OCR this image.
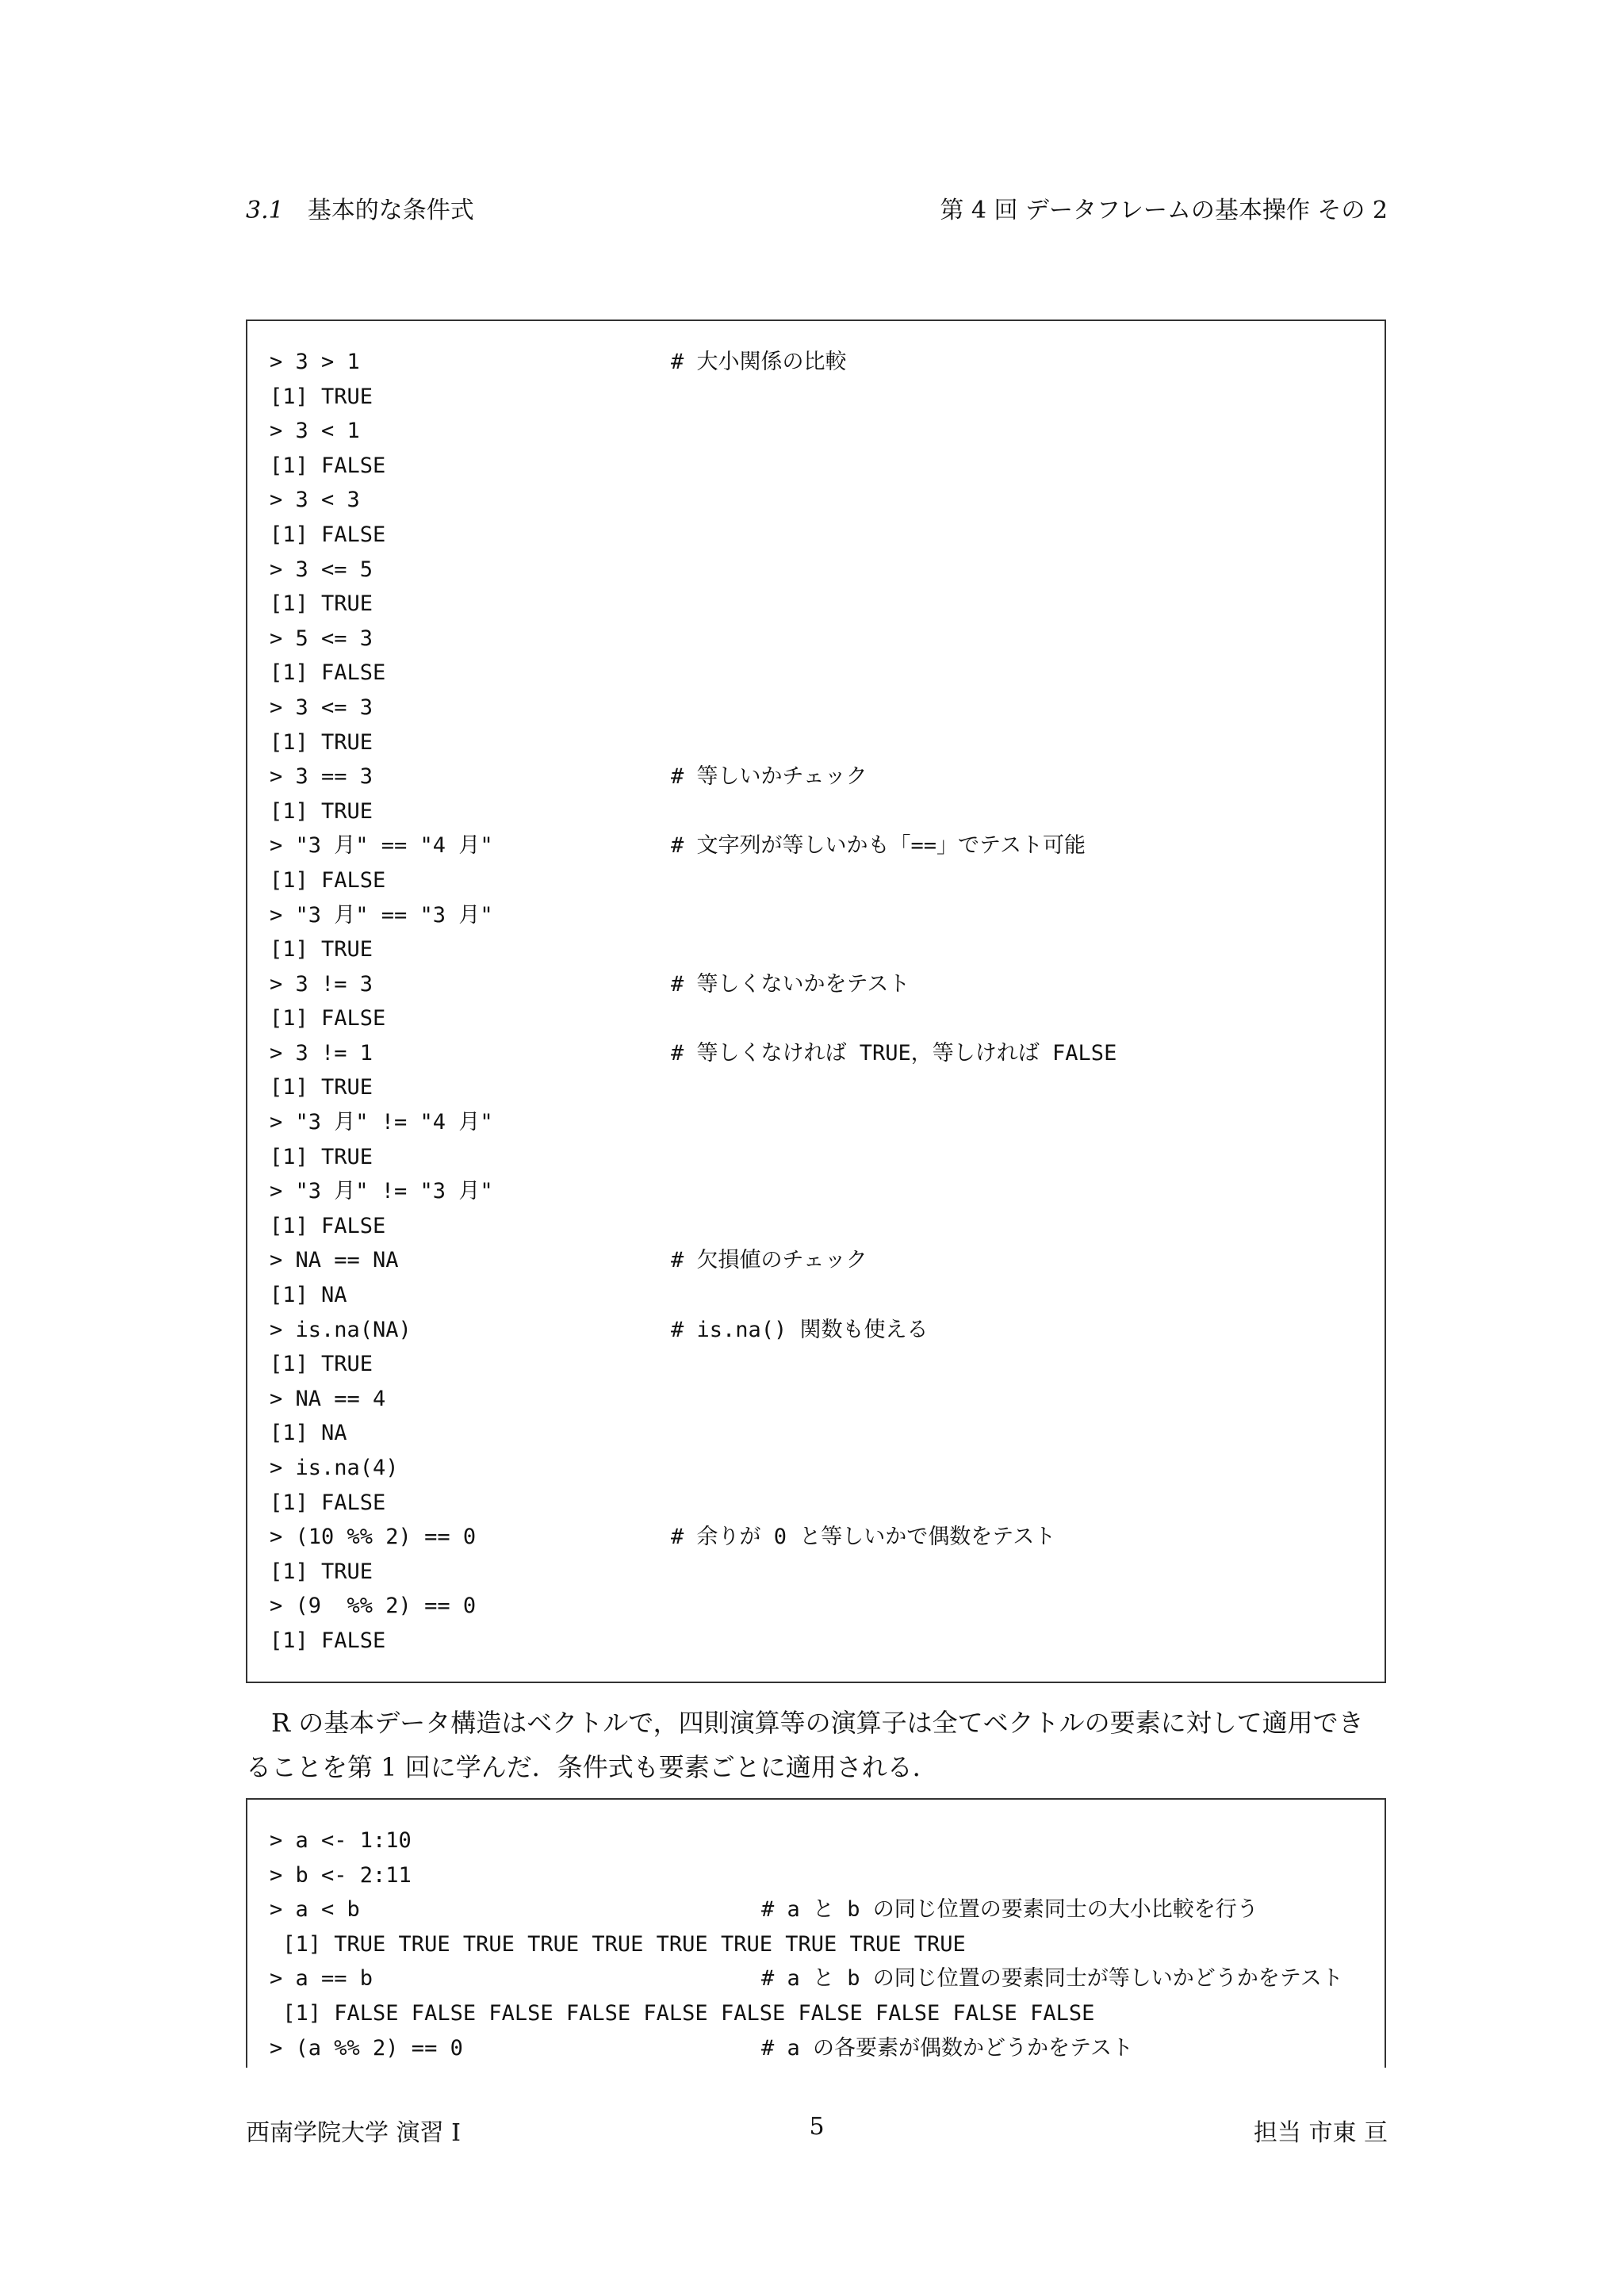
3.1 基本的な条件式	第 4 回 データフレームの基本操作 その 2
> 3 > 1	# 大小関係の比較
[1] TRUE
> 3 < 1
[1] FALSE
> 3 < 3
[1] FALSE
> 3 <= 5
[1] TRUE
> 5 <= 3
[1] FALSE
> 3 <= 3
[1] TRUE
> 3 == 3	# 等しいかチェック
[1] TRUE
> "3 月" == "4 月"	# 文字列が等しいかも「==」でテスト可能
[1] FALSE
> "3 月" == "3 月"
[1] TRUE
> 3 != 3	# 等しくないかをテスト
[1] FALSE
> 3 != 1	# 等しくなければ TRUE，等しければ FALSE
[1] TRUE
> "3 月" != "4 月"
[1] TRUE
> "3 月" != "3 月"
[1] FALSE
> NA == NA	# 欠損値のチェック
[1] NA
> is.na(NA)	# is.na() 関数も使える
[1] TRUE
> NA == 4
[1] NA
> is.na(4)
[1] FALSE
> (10 %% 2) == 0	# 余りが 0 と等しいかで偶数をテスト
[1] TRUE
> (9  %% 2) == 0
[1] FALSE
R の基本データ構造はベクトルで，四則演算等の演算子は全てベクトルの要素に対して適用でき
ることを第 1 回に学んだ．条件式も要素ごとに適用される．
> a <- 1:10
> b <- 2:11
> a < b	# a と b の同じ位置の要素同士の大小比較を行う
[1] TRUE TRUE TRUE TRUE TRUE TRUE TRUE TRUE TRUE TRUE
> a == b	# a と b の同じ位置の要素同士が等しいかどうかをテスト
[1] FALSE FALSE FALSE FALSE FALSE FALSE FALSE FALSE FALSE FALSE
> (a %% 2) == 0	# a の各要素が偶数かどうかをテスト
西南学院大学 演習 I	5	担当 市東 亘
